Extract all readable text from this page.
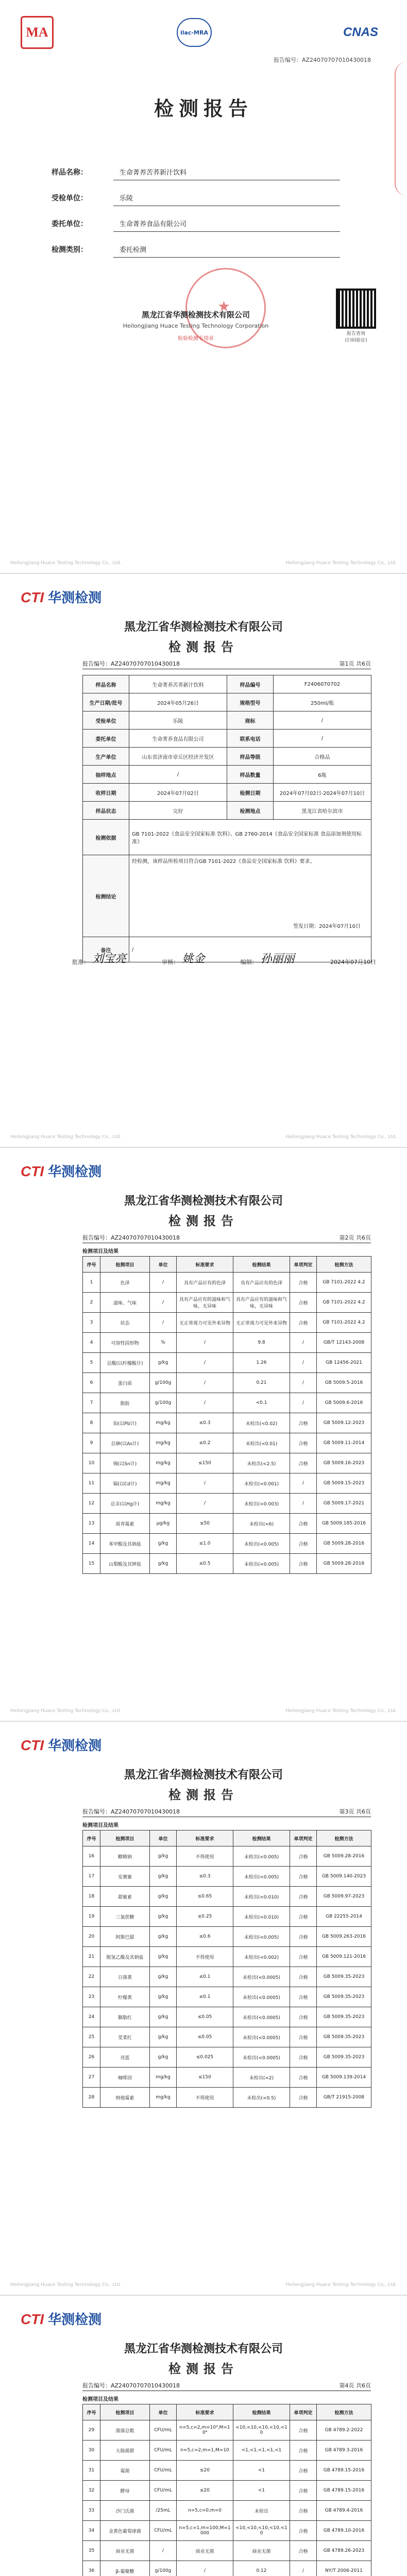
MA	ilac-MRA	CNAS
报告编号：AZ24070707010430018
检测报告
样品名称：	生命菁养苦荞新汁饮料
受检单位：	乐陵
委托单位：	生命菁养食品有限公司
检测类别：	委托检测
★
黑龙江省华测检测技术有限公司
Heilongjiang Huace Testing Technology Corporation
检验检测专用章
报告查询
(扫码验证)
Heilongjiang Huace Testing Technology Co., Ltd.	Heilongjiang Huace Testing Technology Co., Ltd.
CTI 华测检测
黑龙江省华测检测技术有限公司
检测报告
报告编号：AZ24070707010430018	第1页 共6页
样品名称	生命菁养苦荞新汁饮料	样品编号	F2406070702
生产日期/批号	2024年05月26日	规格型号	250ml/瓶
受检单位	乐陵	商标	/
委托单位	生命菁养食品有限公司	联系电话	/
生产单位	山东省济南市章丘区经济开发区	样品等级	合格品
抽样地点	/	样品数量	6瓶
收样日期	2024年07月02日	检测日期	2024年07月02日-2024年07月10日
样品状态	完好	检测地点	黑龙江省哈尔滨市
检测依据	GB 7101-2022《食品安全国家标准 饮料》、GB 2760-2014《食品安全国家标准 食品添加剂使用标准》		
检测结论	经检测，该样品所检项目符合GB 7101-2022《食品安全国家标准 饮料》要求。
签发日期：2024年07月10日		

备注	/		
批准： 刘宝亮	审核： 姚金	编制： 孙丽丽	2024年07月10日
Heilongjiang Huace Testing Technology Co., Ltd.	Heilongjiang Huace Testing Technology Co., Ltd.
CTI 华测检测
黑龙江省华测检测技术有限公司
检测报告
报告编号：AZ24070707010430018	第2页 共6页
检测项目及结果
Heilongjiang Huace Testing Technology Co., Ltd.	Heilongjiang Huace Testing Technology Co., Ltd.
序号	检测项目	单位	标准要求	检测结果	单项判定	检测方法
1	色泽	/	具有产品应有的色泽	具有产品应有的色泽	合格	GB 7101-2022 4.2
2	滋味、气味	/	具有产品应有的滋味和气味，无异味	具有产品应有的滋味和气味，无异味	合格	GB 7101-2022 4.2
3	状态	/	无正常视力可见外来异物	无正常视力可见外来异物	合格	GB 7101-2022 4.2
4	可溶性固形物	%	/	9.8	/	GB/T 12143-2008
5	总酸(以柠檬酸计)	g/kg	/	1.26	/	GB 12456-2021
6	蛋白质	g/100g	/	0.21	/	GB 5009.5-2016
7	脂肪	g/100g	/	<0.1	/	GB 5009.6-2016
8	铅(以Pb计)	mg/kg	≤0.3	未检出(<0.02)	合格	GB 5009.12-2023
9	总砷(以As计)	mg/kg	≤0.2	未检出(<0.01)	合格	GB 5009.11-2014
10	锡(以Sn计)	mg/kg	≤150	未检出(<2.5)	合格	GB 5009.16-2023
11	镉(以Cd计)	mg/kg	/	未检出(<0.001)	/	GB 5009.15-2023
12	总汞(以Hg计)	mg/kg	/	未检出(<0.003)	/	GB 5009.17-2021
13	展青霉素	μg/kg	≤50	未检出(<6)	合格	GB 5009.185-2016
14	苯甲酸及其钠盐	g/kg	≤1.0	未检出(<0.005)	合格	GB 5009.28-2016
15	山梨酸及其钾盐	g/kg	≤0.5	未检出(<0.005)	合格	GB 5009.28-2016
CTI 华测检测
黑龙江省华测检测技术有限公司
检测报告
报告编号：AZ24070707010430018	第3页 共6页
检测项目及结果
Heilongjiang Huace Testing Technology Co., Ltd.	Heilongjiang Huace Testing Technology Co., Ltd.
序号	检测项目	单位	标准要求	检测结果	单项判定	检测方法
16	糖精钠	g/kg	不得使用	未检出(<0.005)	合格	GB 5009.28-2016
17	安赛蜜	g/kg	≤0.3	未检出(<0.005)	合格	GB 5009.140-2023
18	甜蜜素	g/kg	≤0.65	未检出(<0.010)	合格	GB 5009.97-2023
19	三氯蔗糖	g/kg	≤0.25	未检出(<0.010)	合格	GB 22255-2014
20	阿斯巴甜	g/kg	≤0.6	未检出(<0.005)	合格	GB 5009.263-2016
21	脱氢乙酸及其钠盐	g/kg	不得使用	未检出(<0.002)	合格	GB 5009.121-2016
22	日落黄	g/kg	≤0.1	未检出(<0.0005)	合格	GB 5009.35-2023
23	柠檬黄	g/kg	≤0.1	未检出(<0.0005)	合格	GB 5009.35-2023
24	胭脂红	g/kg	≤0.05	未检出(<0.0005)	合格	GB 5009.35-2023
25	苋菜红	g/kg	≤0.05	未检出(<0.0005)	合格	GB 5009.35-2023
26	亮蓝	g/kg	≤0.025	未检出(<0.0005)	合格	GB 5009.35-2023
27	咖啡因	mg/kg	≤150	未检出(<2)	合格	GB 5009.139-2014
28	纳他霉素	mg/kg	不得使用	未检出(<0.5)	合格	GB/T 21915-2008
CTI 华测检测
黑龙江省华测检测技术有限公司
检测报告
报告编号：AZ24070707010430018	第4页 共6页
检测项目及结果
序号	检测项目	单位	标准要求	检测结果	单项判定	检测方法
29	菌落总数	CFU/mL	n=5,c=2,m=10²,M=10⁴	<10,<10,<10,<10,<10	合格	GB 4789.2-2022
30	大肠菌群	CFU/mL	n=5,c=2,m=1,M=10	<1,<1,<1,<1,<1	合格	GB 4789.3-2016
31	霉菌	CFU/mL	≤20	<1	合格	GB 4789.15-2016
32	酵母	CFU/mL	≤20	<1	合格	GB 4789.15-2016
33	沙门氏菌	/25mL	n=5,c=0,m=0	未检出	合格	GB 4789.4-2016
34	金黄色葡萄球菌	CFU/mL	n=5,c=1,m=100,M=1000	<10,<10,<10,<10,<10	合格	GB 4789.10-2016
35	商业无菌	/	商业无菌	商业无菌	合格	GB 4789.26-2023
36	β-葡聚糖	g/100g	/	0.12	/	NY/T 2006-2011
